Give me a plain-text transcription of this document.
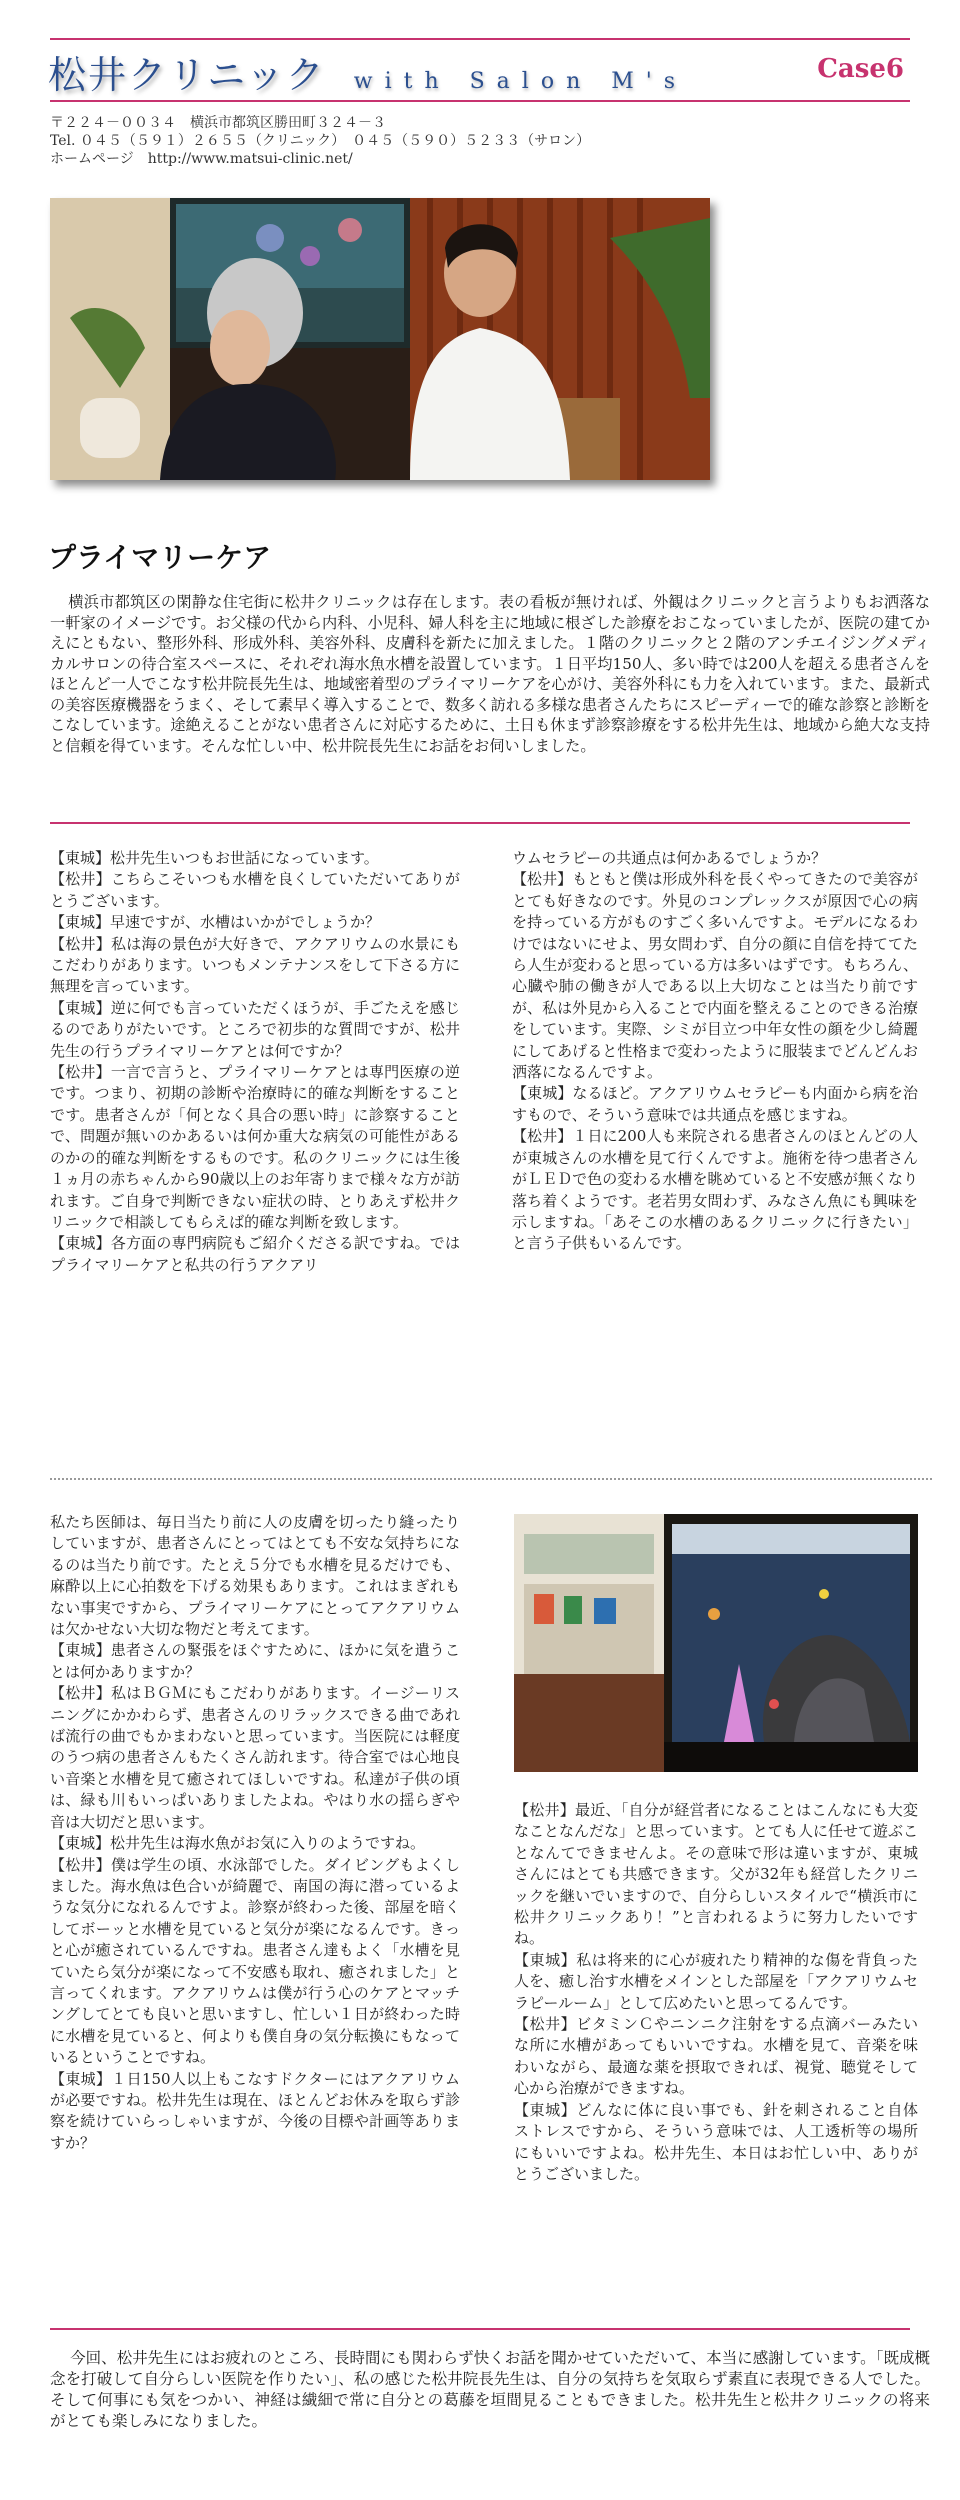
松井クリニック with Salon M's	Case6
〒２２４－００３４　横浜市都筑区勝田町３２４－３
Tel. ０４５（５９１）２６５５（クリニック）　０４５（５９０）５２３３（サロン）
ホームページ　http://www.matsui-clinic.net/
プライマリーケア

横浜市都筑区の閑静な住宅街に松井クリニックは存在します。表の看板が無ければ、外観はクリニックと言うよりもお洒落な一軒家のイメージです。お父様の代から内科、小児科、婦人科を主に地域に根ざした診療をおこなっていましたが、医院の建てかえにともない、整形外科、形成外科、美容外科、皮膚科を新たに加えました。１階のクリニックと２階のアンチエイジングメディカルサロンの待合室スペースに、それぞれ海水魚水槽を設置しています。１日平均150人、多い時では200人を超える患者さんをほとんど一人でこなす松井院長先生は、地域密着型のプライマリーケアを心がけ、美容外科にも力を入れています。また、最新式の美容医療機器をうまく、そして素早く導入することで、数多く訪れる多様な患者さんたちにスピーディーで的確な診察と診断をこなしています。途絶えることがない患者さんに対応するために、土日も休まず診察診療をする松井先生は、地域から絶大な支持と信頼を得ています。そんな忙しい中、松井院長先生にお話をお伺いしました。

【東城】松井先生いつもお世話になっています。

【松井】こちらこそいつも水槽を良くしていただいてありがとうございます。

【東城】早速ですが、水槽はいかがでしょうか？

【松井】私は海の景色が大好きで、アクアリウムの水景にもこだわりがあります。いつもメンテナンスをして下さる方に無理を言っています。

【東城】逆に何でも言っていただくほうが、手ごたえを感じるのでありがたいです。ところで初歩的な質問ですが、松井先生の行うプライマリーケアとは何ですか？

【松井】一言で言うと、プライマリーケアとは専門医療の逆です。つまり、初期の診断や治療時に的確な判断をすることです。患者さんが「何となく具合の悪い時」に診察することで、問題が無いのかあるいは何か重大な病気の可能性があるのかの的確な判断をするものです。私のクリニックには生後１ヵ月の赤ちゃんから90歳以上のお年寄りまで様々な方が訪れます。ご自身で判断できない症状の時、とりあえず松井クリニックで相談してもらえば的確な判断を致します。

【東城】各方面の専門病院もご紹介くださる訳ですね。ではプライマリーケアと私共の行うアクアリ

ウムセラピーの共通点は何かあるでしょうか？

【松井】もともと僕は形成外科を長くやってきたので美容がとても好きなのです。外見のコンプレックスが原因で心の病を持っている方がものすごく多いんですよ。モデルになるわけではないにせよ、男女問わず、自分の顔に自信を持ててたら人生が変わると思っている方は多いはずです。もちろん、心臓や肺の働きが人である以上大切なことは当たり前ですが、私は外見から入ることで内面を整えることのできる治療をしています。実際、シミが目立つ中年女性の顔を少し綺麗にしてあげると性格まで変わったように服装までどんどんお洒落になるんですよ。

【東城】なるほど。アクアリウムセラピーも内面から病を治すもので、そういう意味では共通点を感じますね。

【松井】１日に200人も来院される患者さんのほとんどの人が東城さんの水槽を見て行くんですよ。施術を待つ患者さんがＬＥＤで色の変わる水槽を眺めていると不安感が無くなり落ち着くようです。老若男女問わず、みなさん魚にも興味を示しますね。「あそこの水槽のあるクリニックに行きたい」と言う子供もいるんです。

私たち医師は、毎日当たり前に人の皮膚を切ったり縫ったりしていますが、患者さんにとってはとても不安な気持ちになるのは当たり前です。たとえ５分でも水槽を見るだけでも、麻酔以上に心拍数を下げる効果もあります。これはまぎれもない事実ですから、プライマリーケアにとってアクアリウムは欠かせない大切な物だと考えてます。

【東城】患者さんの緊張をほぐすために、ほかに気を遣うことは何かありますか？

【松井】私はＢＧＭにもこだわりがあります。イージーリスニングにかかわらず、患者さんのリラックスできる曲であれば流行の曲でもかまわないと思っています。当医院には軽度のうつ病の患者さんもたくさん訪れます。待合室では心地良い音楽と水槽を見て癒されてほしいですね。私達が子供の頃は、緑も川もいっぱいありましたよね。やはり水の揺らぎや音は大切だと思います。

【東城】松井先生は海水魚がお気に入りのようですね。

【松井】僕は学生の頃、水泳部でした。ダイビングもよくしました。海水魚は色合いが綺麗で、南国の海に潜っているような気分になれるんですよ。診察が終わった後、部屋を暗くしてボーッと水槽を見ていると気分が楽になるんです。きっと心が癒されているんですね。患者さん達もよく「水槽を見ていたら気分が楽になって不安感も取れ、癒されました」と言ってくれます。アクアリウムは僕が行う心のケアとマッチングしてとても良いと思いますし、忙しい１日が終わった時に水槽を見ていると、何よりも僕自身の気分転換にもなっているということですね。

【東城】１日150人以上もこなすドクターにはアクアリウムが必要ですね。松井先生は現在、ほとんどお休みを取らず診察を続けていらっしゃいますが、今後の目標や計画等ありますか？

【松井】最近、「自分が経営者になることはこんなにも大変なことなんだな」と思っています。とても人に任せて遊ぶことなんてできませんよ。その意味で形は違いますが、東城さんにはとても共感できます。父が32年も経営したクリニックを継いでいますので、自分らしいスタイルで“横浜市に松井クリニックあり！”と言われるように努力したいですね。

【東城】私は将来的に心が疲れたり精神的な傷を背負った人を、癒し治す水槽をメインとした部屋を「アクアリウムセラピールーム」として広めたいと思ってるんです。

【松井】ビタミンＣやニンニク注射をする点滴バーみたいな所に水槽があってもいいですね。水槽を見て、音楽を味わいながら、最適な薬を摂取できれば、視覚、聴覚そして心から治療ができますね。

【東城】どんなに体に良い事でも、針を刺されること自体ストレスですから、そういう意味では、人工透析等の場所にもいいですよね。松井先生、本日はお忙しい中、ありがとうございました。

今回、松井先生にはお疲れのところ、長時間にも関わらず快くお話を聞かせていただいて、本当に感謝しています。「既成概念を打破して自分らしい医院を作りたい」、私の感じた松井院長先生は、自分の気持ちを気取らず素直に表現できる人でした。そして何事にも気をつかい、神経は繊細で常に自分との葛藤を垣間見ることもできました。松井先生と松井クリニックの将来がとても楽しみになりました。
